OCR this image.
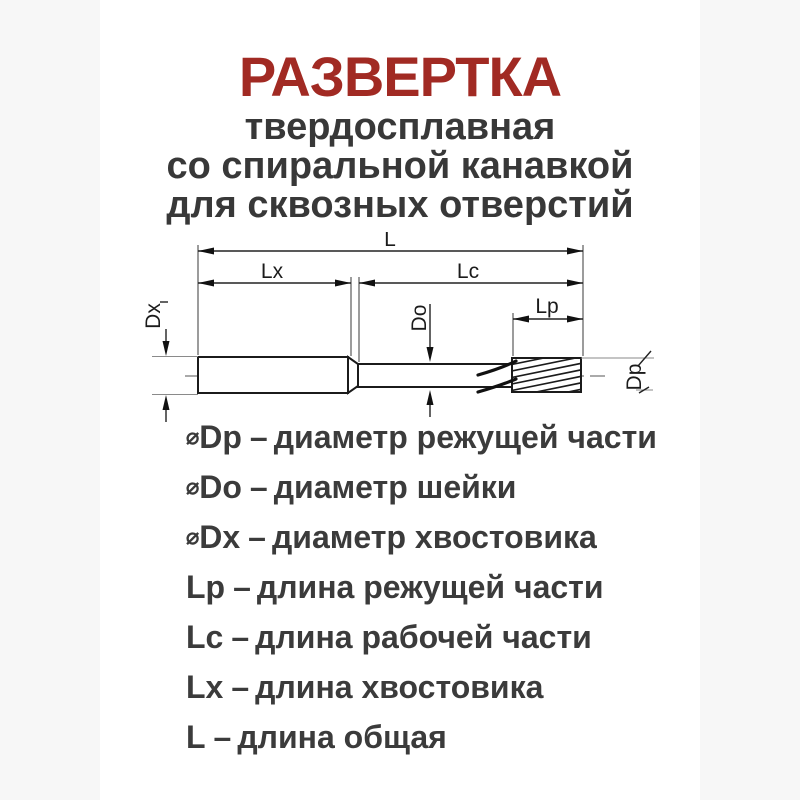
РАЗВЕРТКА
твердосплавная
со спиральной канавкой
для сквозных отверстий
L
Lx	Lc
Lp
Dx	Do
Dp
⌀Dp – диаметр режущей части
⌀Do – диаметр шейки
⌀Dx – диаметр хвостовика
Lp – длина режущей части
Lc – длина рабочей части
Lx – длина хвостовика
L – длина общая
